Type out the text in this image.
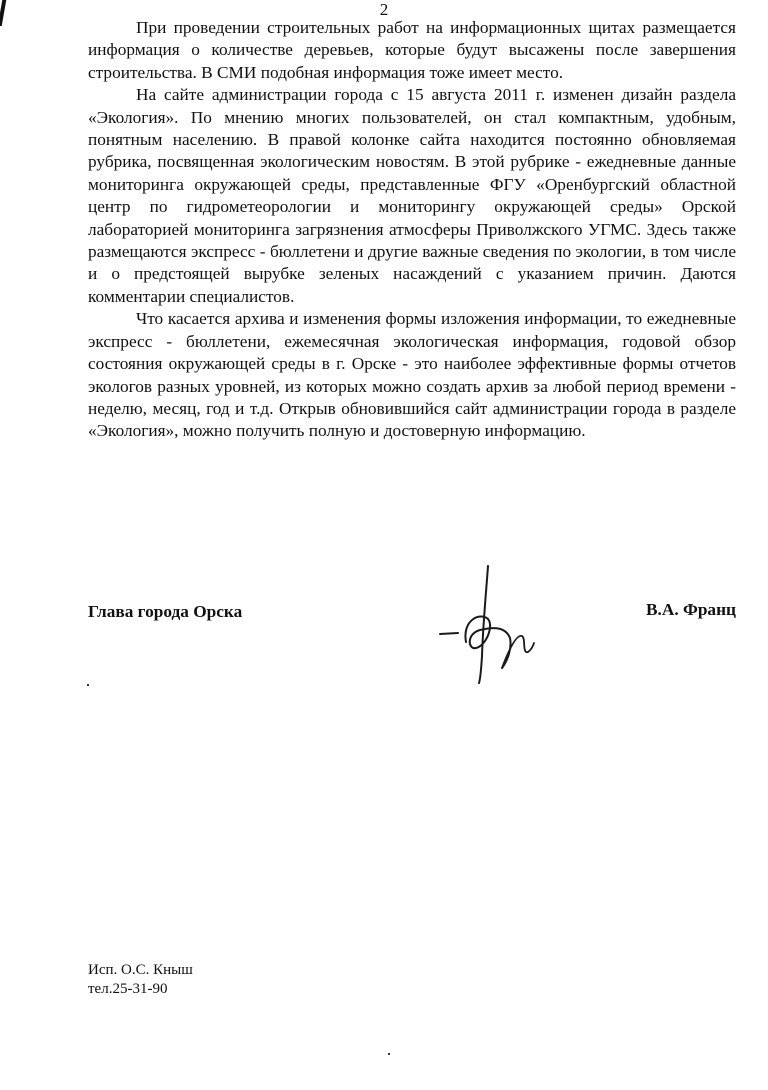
2

При проведении строительных работ на информационных щитах размещается информация о количестве деревьев, которые будут высажены после завершения строительства. В СМИ подобная информация тоже имеет место.

На сайте администрации города с 15 августа 2011 г. изменен дизайн раздела «Экология». По мнению многих пользователей, он стал компактным, удобным, понятным населению. В правой колонке сайта находится постоянно обновляемая рубрика, посвященная экологическим новостям. В этой рубрике - ежедневные данные мониторинга окружающей среды, представленные ФГУ «Оренбургский областной центр по гидрометеорологии и мониторингу окружающей среды» Орской лабораторией мониторинга загрязнения атмосферы Приволжского УГМС. Здесь также размещаются экспресс - бюллетени и другие важные сведения по экологии, в том числе и о предстоящей вырубке зеленых насаждений с указанием причин. Даются комментарии специалистов.

Что касается архива и изменения формы изложения информации, то ежедневные экспресс - бюллетени, ежемесячная экологическая информация, годовой обзор состояния окружающей среды в г. Орске - это наиболее эффективные формы отчетов экологов разных уровней, из которых можно создать архив за любой период времени - неделю, месяц, год и т.д. Открыв обновившийся сайт администрации города в разделе «Экология», можно получить полную и достоверную информацию.

Глава города Орска	В.А. Франц
Исп. О.С. Кныш
тел.25-31-90
